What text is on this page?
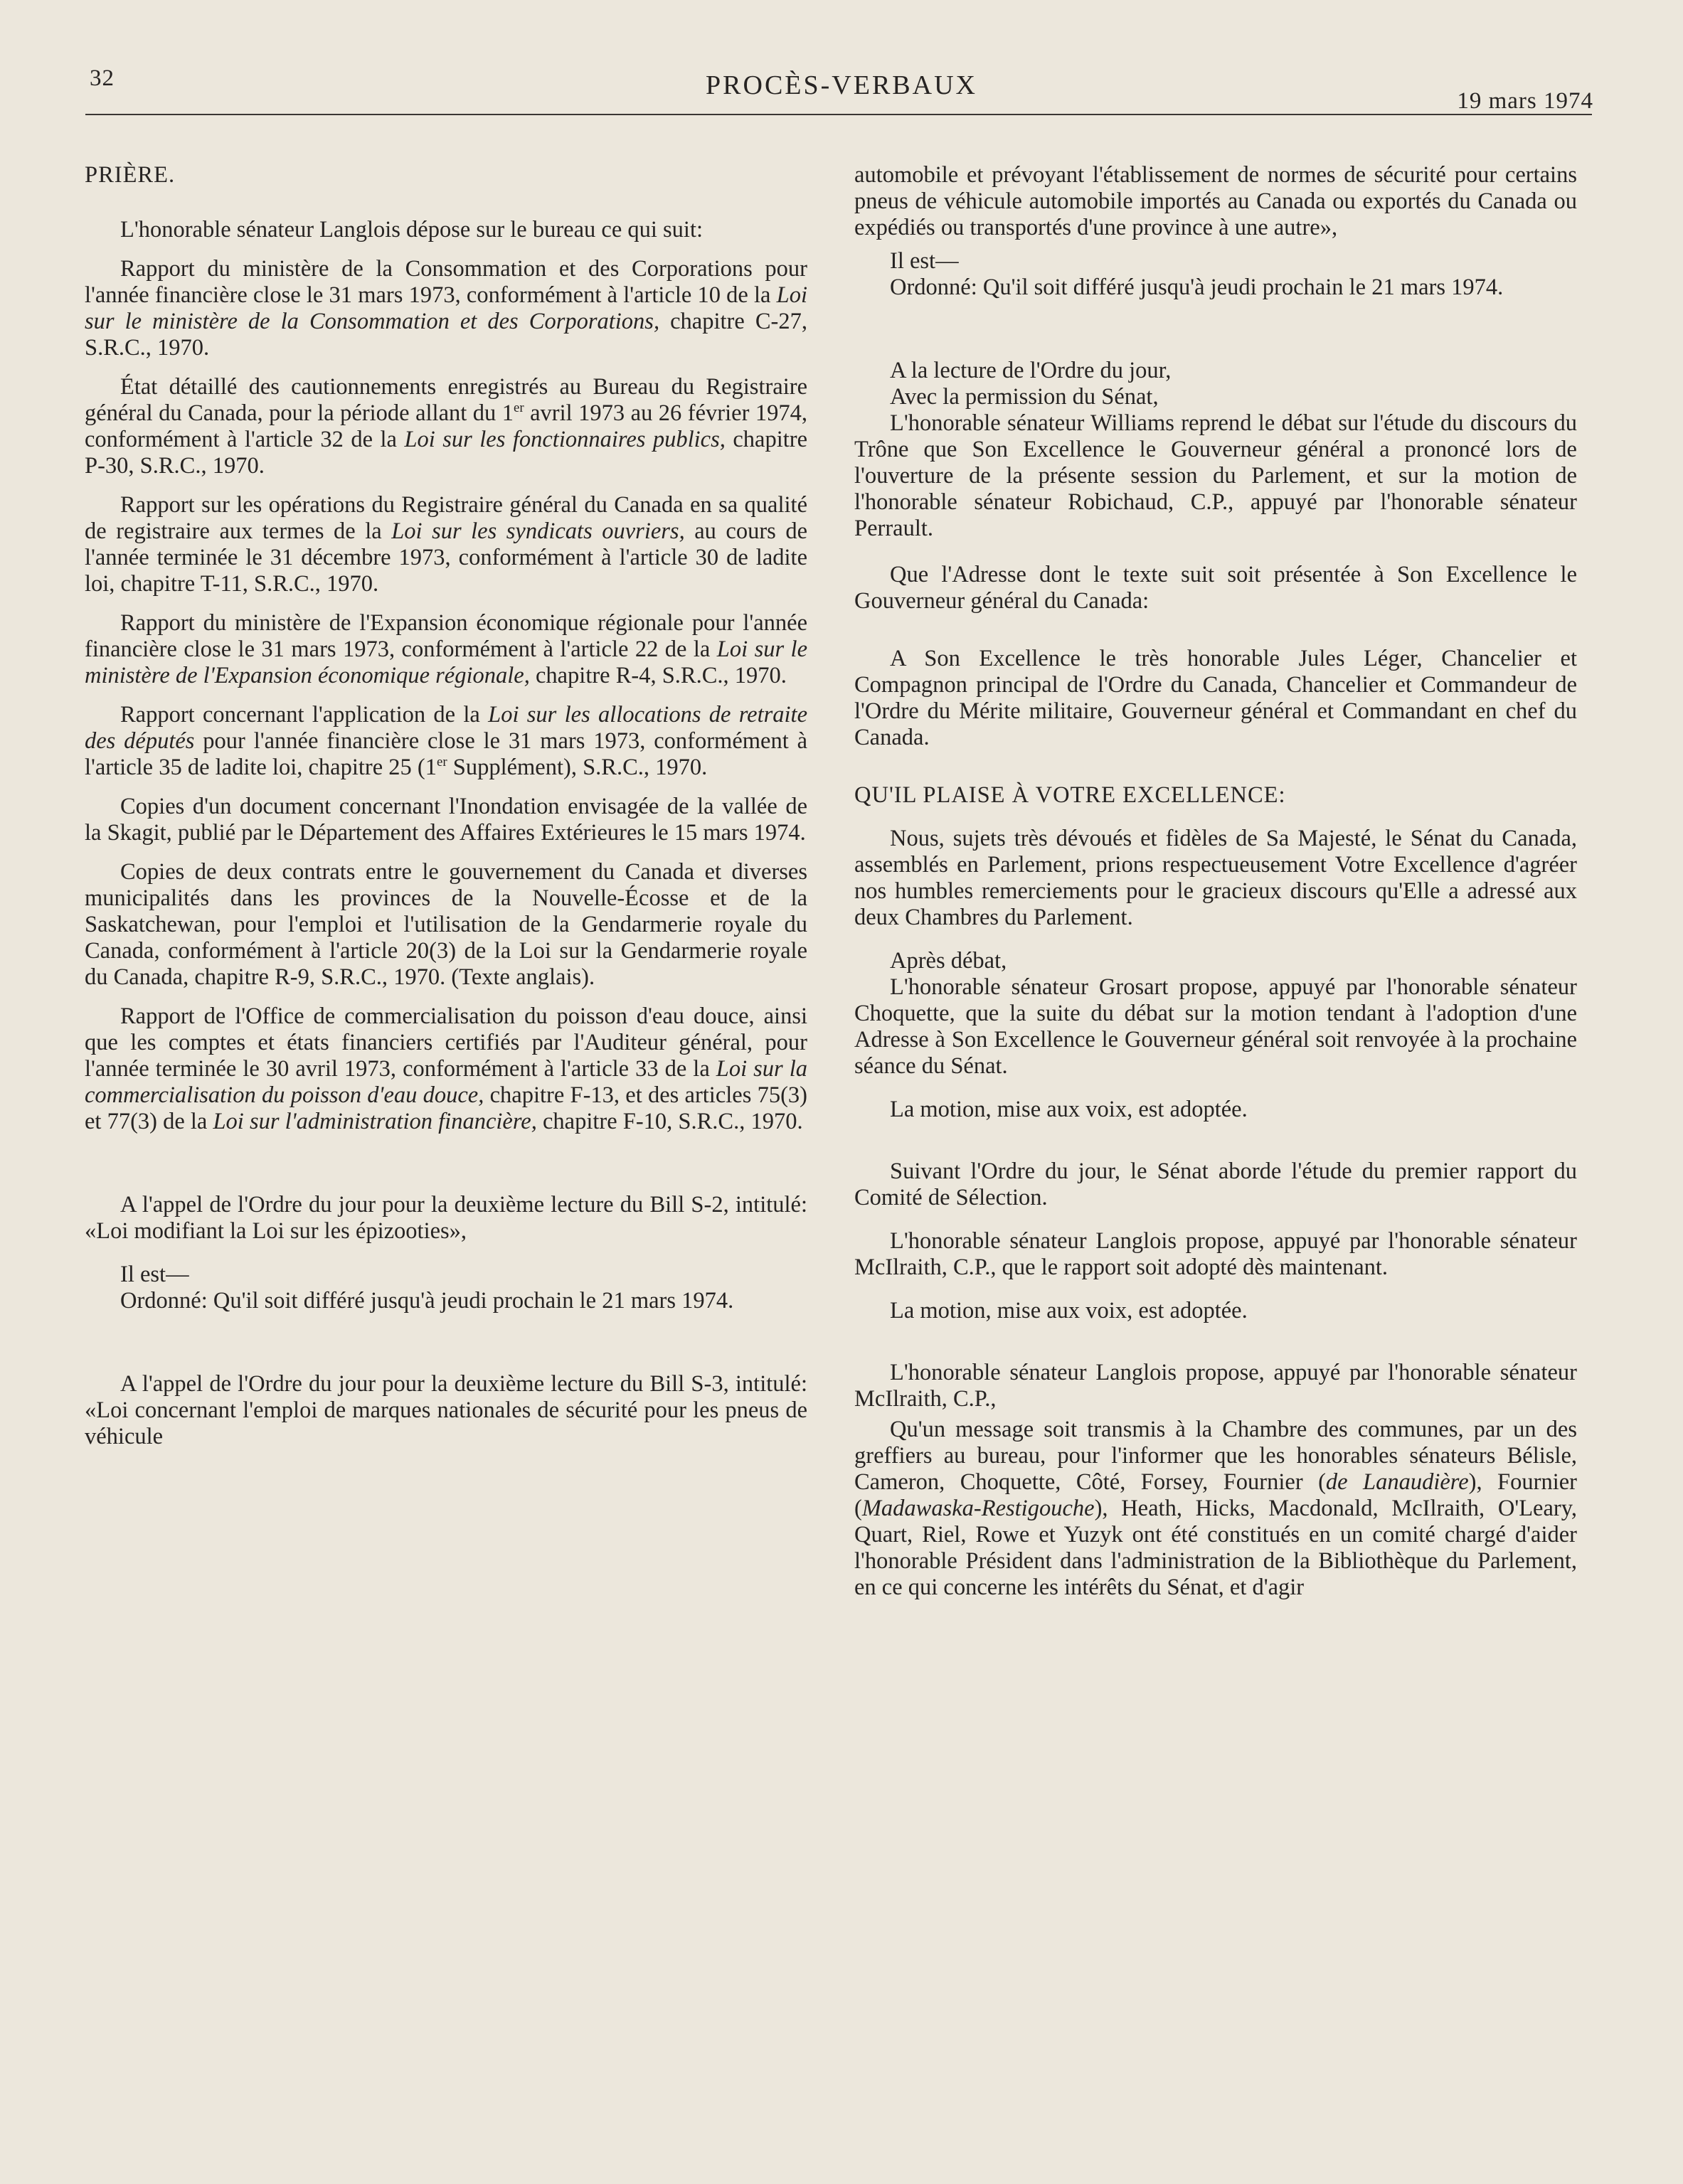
32	PROCÈS-VERBAUX
19 mars 1974
PRIÈRE.

L'honorable sénateur Langlois dépose sur le bureau ce qui suit:

Rapport du ministère de la Consommation et des Corporations pour l'année financière close le 31 mars 1973, conformément à l'article 10 de la Loi sur le ministère de la Consommation et des Corporations, chapitre C-27, S.R.C., 1970.

État détaillé des cautionnements enregistrés au Bureau du Registraire général du Canada, pour la période allant du 1er avril 1973 au 26 février 1974, conformément à l'article 32 de la Loi sur les fonctionnaires publics, chapitre P-30, S.R.C., 1970.

Rapport sur les opérations du Registraire général du Canada en sa qualité de registraire aux termes de la Loi sur les syndicats ouvriers, au cours de l'année terminée le 31 décembre 1973, conformément à l'article 30 de ladite loi, chapitre T-11, S.R.C., 1970.

Rapport du ministère de l'Expansion économique régionale pour l'année financière close le 31 mars 1973, conformément à l'article 22 de la Loi sur le ministère de l'Expansion économique régionale, chapitre R-4, S.R.C., 1970.

Rapport concernant l'application de la Loi sur les allocations de retraite des députés pour l'année financière close le 31 mars 1973, conformément à l'article 35 de ladite loi, chapitre 25 (1er Supplément), S.R.C., 1970.

Copies d'un document concernant l'Inondation envisagée de la vallée de la Skagit, publié par le Département des Affaires Extérieures le 15 mars 1974.

Copies de deux contrats entre le gouvernement du Canada et diverses municipalités dans les provinces de la Nouvelle-Écosse et de la Saskatchewan, pour l'emploi et l'utilisation de la Gendarmerie royale du Canada, conformément à l'article 20(3) de la Loi sur la Gendarmerie royale du Canada, chapitre R-9, S.R.C., 1970. (Texte anglais).

Rapport de l'Office de commercialisation du poisson d'eau douce, ainsi que les comptes et états financiers certifiés par l'Auditeur général, pour l'année terminée le 30 avril 1973, conformément à l'article 33 de la Loi sur la commercialisation du poisson d'eau douce, chapitre F-13, et des articles 75(3) et 77(3) de la Loi sur l'administration financière, chapitre F-10, S.R.C., 1970.

A l'appel de l'Ordre du jour pour la deuxième lecture du Bill S-2, intitulé: «Loi modifiant la Loi sur les épizooties»,

Il est—

Ordonné: Qu'il soit différé jusqu'à jeudi prochain le 21 mars 1974.

A l'appel de l'Ordre du jour pour la deuxième lecture du Bill S-3, intitulé: «Loi concernant l'emploi de marques nationales de sécurité pour les pneus de véhicule

automobile et prévoyant l'établissement de normes de sécurité pour certains pneus de véhicule automobile importés au Canada ou exportés du Canada ou expédiés ou transportés d'une province à une autre»,

Il est—

Ordonné: Qu'il soit différé jusqu'à jeudi prochain le 21 mars 1974.

A la lecture de l'Ordre du jour,

Avec la permission du Sénat,

L'honorable sénateur Williams reprend le débat sur l'étude du discours du Trône que Son Excellence le Gouverneur général a prononcé lors de l'ouverture de la présente session du Parlement, et sur la motion de l'honorable sénateur Robichaud, C.P., appuyé par l'honorable sénateur Perrault.

Que l'Adresse dont le texte suit soit présentée à Son Excellence le Gouverneur général du Canada:

A Son Excellence le très honorable Jules Léger, Chancelier et Compagnon principal de l'Ordre du Canada, Chancelier et Commandeur de l'Ordre du Mérite militaire, Gouverneur général et Commandant en chef du Canada.

QU'IL PLAISE À VOTRE EXCELLENCE:

Nous, sujets très dévoués et fidèles de Sa Majesté, le Sénat du Canada, assemblés en Parlement, prions respectueusement Votre Excellence d'agréer nos humbles remerciements pour le gracieux discours qu'Elle a adressé aux deux Chambres du Parlement.

Après débat,

L'honorable sénateur Grosart propose, appuyé par l'honorable sénateur Choquette, que la suite du débat sur la motion tendant à l'adoption d'une Adresse à Son Excellence le Gouverneur général soit renvoyée à la prochaine séance du Sénat.

La motion, mise aux voix, est adoptée.

Suivant l'Ordre du jour, le Sénat aborde l'étude du premier rapport du Comité de Sélection.

L'honorable sénateur Langlois propose, appuyé par l'honorable sénateur McIlraith, C.P., que le rapport soit adopté dès maintenant.

La motion, mise aux voix, est adoptée.

L'honorable sénateur Langlois propose, appuyé par l'honorable sénateur McIlraith, C.P.,

Qu'un message soit transmis à la Chambre des communes, par un des greffiers au bureau, pour l'informer que les honorables sénateurs Bélisle, Cameron, Choquette, Côté, Forsey, Fournier (de Lanaudière), Fournier (Madawaska-Restigouche), Heath, Hicks, Macdonald, McIlraith, O'Leary, Quart, Riel, Rowe et Yuzyk ont été constitués en un comité chargé d'aider l'honorable Président dans l'administration de la Bibliothèque du Parlement, en ce qui concerne les intérêts du Sénat, et d'agir
